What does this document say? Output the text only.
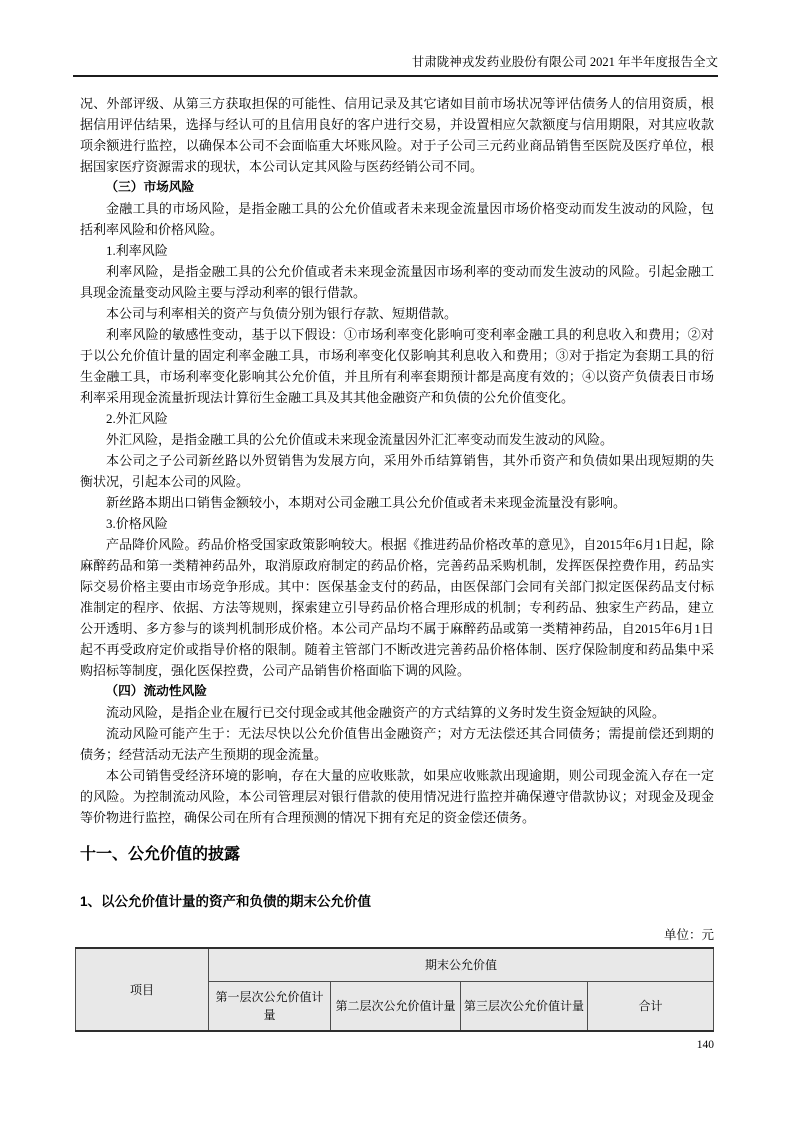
甘肃陇神戎发药业股份有限公司 2021 年半年度报告全文

况、外部评级、从第三方获取担保的可能性、信用记录及其它诸如目前市场状况等评估债务人的信用资质，根据信用评估结果，选择与经认可的且信用良好的客户进行交易，并设置相应欠款额度与信用期限，对其应收款项余额进行监控，以确保本公司不会面临重大坏账风险。对于子公司三元药业商品销售至医院及医疗单位，根据国家医疗资源需求的现状，本公司认定其风险与医药经销公司不同。

（三）市场风险

金融工具的市场风险，是指金融工具的公允价值或者未来现金流量因市场价格变动而发生波动的风险，包括利率风险和价格风险。

1.利率风险

利率风险，是指金融工具的公允价值或者未来现金流量因市场利率的变动而发生波动的风险。引起金融工具现金流量变动风险主要与浮动利率的银行借款。

本公司与利率相关的资产与负债分别为银行存款、短期借款。

利率风险的敏感性变动，基于以下假设：①市场利率变化影响可变利率金融工具的利息收入和费用；②对于以公允价值计量的固定利率金融工具，市场利率变化仅影响其利息收入和费用；③对于指定为套期工具的衍生金融工具，市场利率变化影响其公允价值，并且所有利率套期预计都是高度有效的；④以资产负债表日市场利率采用现金流量折现法计算衍生金融工具及其其他金融资产和负债的公允价值变化。

2.外汇风险

外汇风险，是指金融工具的公允价值或未来现金流量因外汇汇率变动而发生波动的风险。

本公司之子公司新丝路以外贸销售为发展方向，采用外币结算销售，其外币资产和负债如果出现短期的失衡状况，引起本公司的风险。

新丝路本期出口销售金额较小，本期对公司金融工具公允价值或者未来现金流量没有影响。

3.价格风险

产品降价风险。药品价格受国家政策影响较大。根据《推进药品价格改革的意见》，自2015年6月1日起，除麻醉药品和第一类精神药品外，取消原政府制定的药品价格，完善药品采购机制，发挥医保控费作用，药品实际交易价格主要由市场竞争形成。其中：医保基金支付的药品，由医保部门会同有关部门拟定医保药品支付标准制定的程序、依据、方法等规则，探索建立引导药品价格合理形成的机制；专利药品、独家生产药品，建立公开透明、多方参与的谈判机制形成价格。本公司产品均不属于麻醉药品或第一类精神药品，自2015年6月1日起不再受政府定价或指导价格的限制。随着主管部门不断改进完善药品价格体制、医疗保险制度和药品集中采购招标等制度，强化医保控费，公司产品销售价格面临下调的风险。

（四）流动性风险

流动风险，是指企业在履行已交付现金或其他金融资产的方式结算的义务时发生资金短缺的风险。

流动风险可能产生于：无法尽快以公允价值售出金融资产；对方无法偿还其合同债务；需提前偿还到期的债务；经营活动无法产生预期的现金流量。

本公司销售受经济环境的影响，存在大量的应收账款，如果应收账款出现逾期，则公司现金流入存在一定的风险。为控制流动风险，本公司管理层对银行借款的使用情况进行监控并确保遵守借款协议；对现金及现金等价物进行监控，确保公司在所有合理预测的情况下拥有充足的资金偿还债务。

十一、公允价值的披露
1、以公允价值计量的资产和负债的期末公允价值
单位：元
项目	期末公允价值			
	第一层次公允价值计量	第二层次公允价值计量	第三层次公允价值计量	合计
140
